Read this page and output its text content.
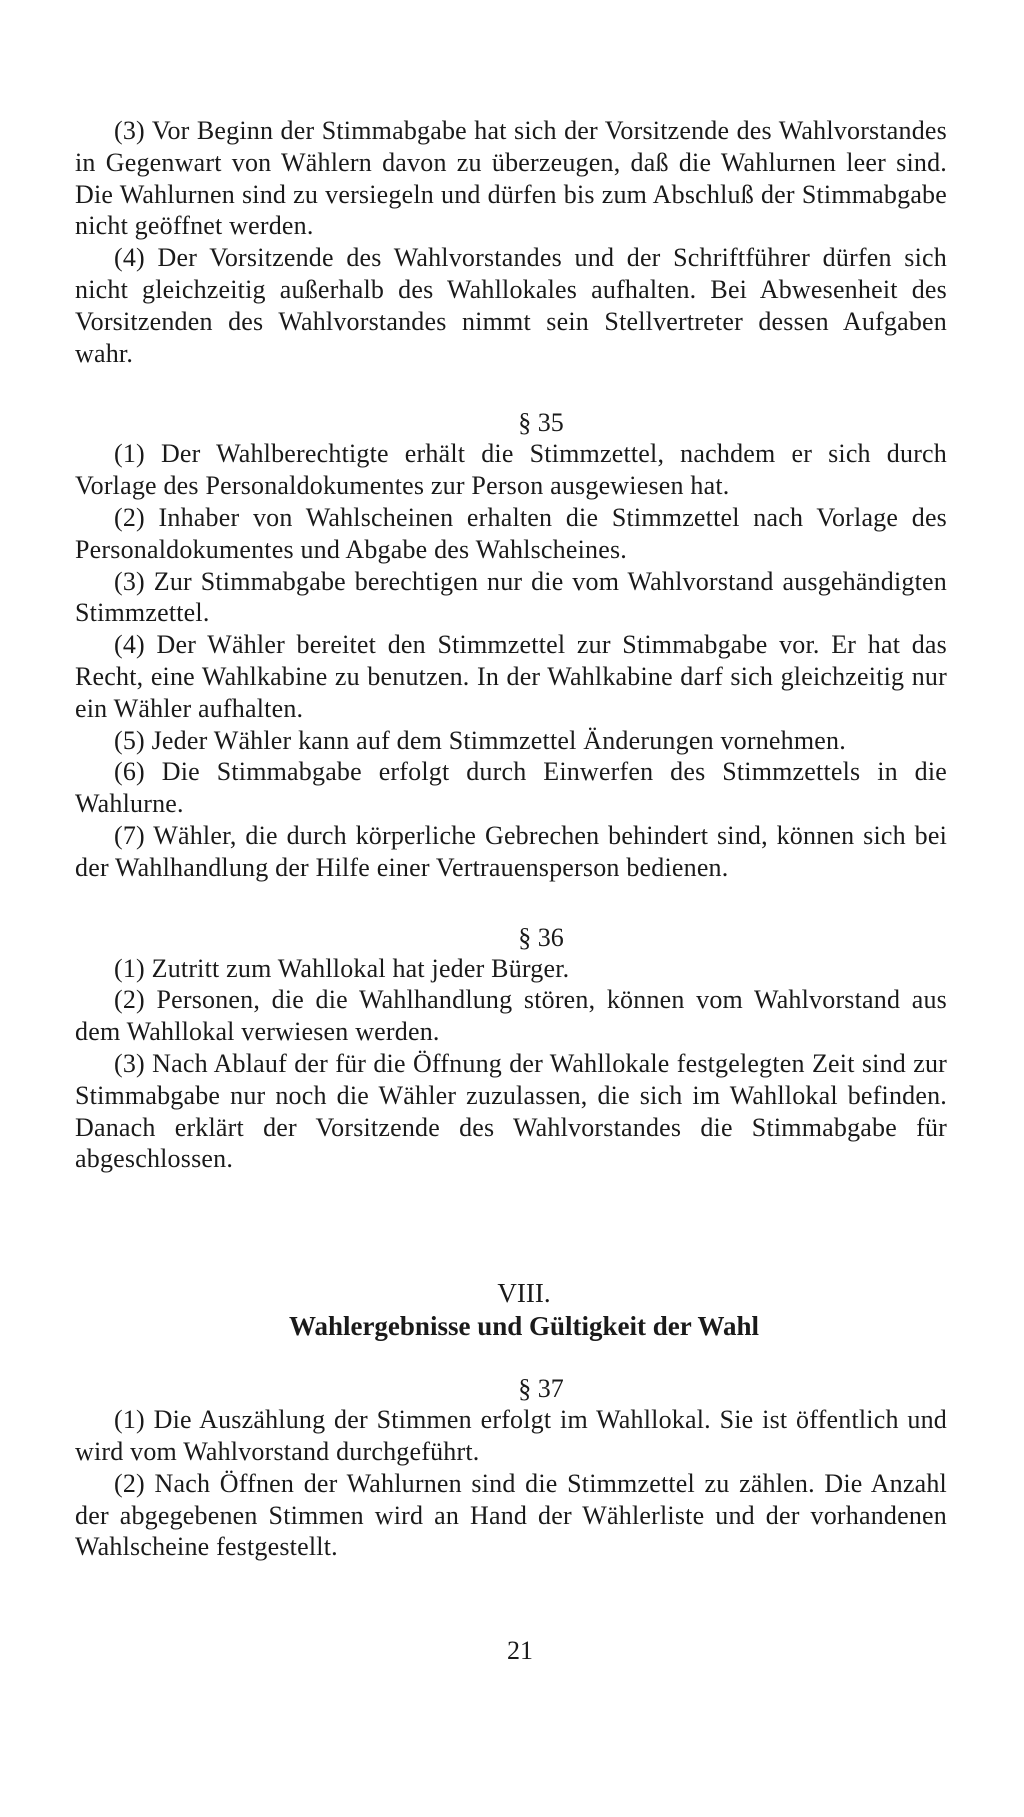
(3) Vor Beginn der Stimmabgabe hat sich der Vorsitzende des Wahlvorstandes in Gegenwart von Wählern davon zu überzeugen, daß die Wahlurnen leer sind. Die Wahlurnen sind zu versiegeln und dürfen bis zum Abschluß der Stimmabgabe nicht geöffnet werden.

(4) Der Vorsitzende des Wahlvorstandes und der Schriftführer dürfen sich nicht gleichzeitig außerhalb des Wahllokales aufhalten. Bei Abwesenheit des Vorsitzenden des Wahlvorstandes nimmt sein Stellvertreter dessen Aufgaben wahr.

§ 35

(1) Der Wahlberechtigte erhält die Stimmzettel, nachdem er sich durch Vorlage des Personaldokumentes zur Person ausgewiesen hat.

(2) Inhaber von Wahlscheinen erhalten die Stimmzettel nach Vorlage des Personaldokumentes und Abgabe des Wahlscheines.

(3) Zur Stimmabgabe berechtigen nur die vom Wahlvorstand ausgehändigten Stimmzettel.

(4) Der Wähler bereitet den Stimmzettel zur Stimmabgabe vor. Er hat das Recht, eine Wahlkabine zu benutzen. In der Wahlkabine darf sich gleichzeitig nur ein Wähler aufhalten.

(5) Jeder Wähler kann auf dem Stimmzettel Änderungen vornehmen.

(6) Die Stimmabgabe erfolgt durch Einwerfen des Stimmzettels in die Wahlurne.

(7) Wähler, die durch körperliche Gebrechen behindert sind, können sich bei der Wahlhandlung der Hilfe einer Vertrauensperson bedienen.

§ 36

(1) Zutritt zum Wahllokal hat jeder Bürger.

(2) Personen, die die Wahlhandlung stören, können vom Wahlvorstand aus dem Wahllokal verwiesen werden.

(3) Nach Ablauf der für die Öffnung der Wahllokale festgelegten Zeit sind zur Stimmabgabe nur noch die Wähler zuzulassen, die sich im Wahllokal befinden. Danach erklärt der Vorsitzende des Wahlvorstandes die Stimmabgabe für abgeschlossen.

VIII.

Wahlergebnisse und Gültigkeit der Wahl

§ 37

(1) Die Auszählung der Stimmen erfolgt im Wahllokal. Sie ist öffentlich und wird vom Wahlvorstand durchgeführt.

(2) Nach Öffnen der Wahlurnen sind die Stimmzettel zu zählen. Die Anzahl der abgegebenen Stimmen wird an Hand der Wählerliste und der vorhandenen Wahlscheine festgestellt.

21
